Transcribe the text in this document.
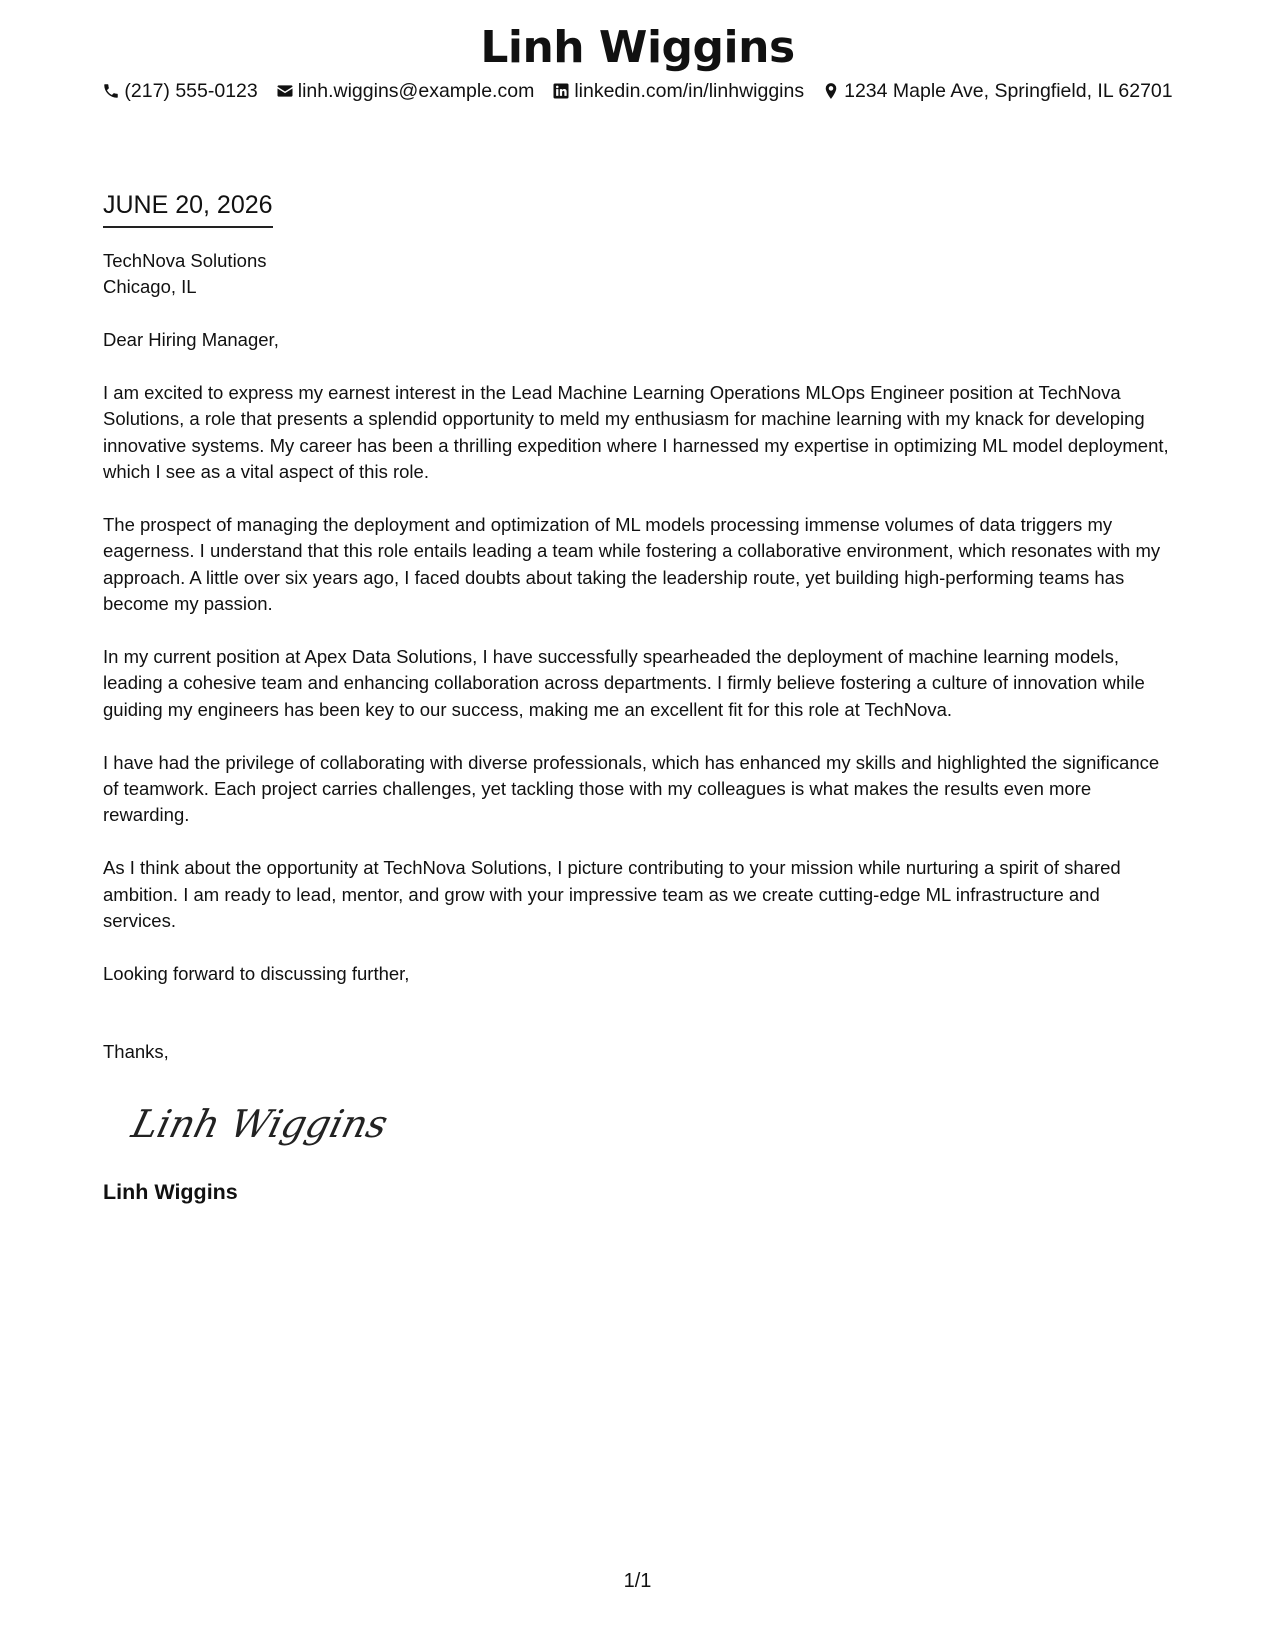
Linh Wiggins
(217) 555-0123 linh.wiggins@example.com linkedin.com/in/linhwiggins 1234 Maple Ave, Springfield, IL 62701
JUNE 20, 2026

TechNova Solutions

Chicago, IL

Dear Hiring Manager,

I am excited to express my earnest interest in the Lead Machine Learning Operations MLOps Engineer position at TechNova Solutions, a role that presents a splendid opportunity to meld my enthusiasm for machine learning with my knack for developing innovative systems. My career has been a thrilling expedition where I harnessed my expertise in optimizing ML model deployment, which I see as a vital aspect of this role.

The prospect of managing the deployment and optimization of ML models processing immense volumes of data triggers my eagerness. I understand that this role entails leading a team while fostering a collaborative environment, which resonates with my approach. A little over six years ago, I faced doubts about taking the leadership route, yet building high-performing teams has become my passion.

In my current position at Apex Data Solutions, I have successfully spearheaded the deployment of machine learning models, leading a cohesive team and enhancing collaboration across departments. I firmly believe fostering a culture of innovation while guiding my engineers has been key to our success, making me an excellent fit for this role at TechNova.

I have had the privilege of collaborating with diverse professionals, which has enhanced my skills and highlighted the significance of teamwork. Each project carries challenges, yet tackling those with my colleagues is what makes the results even more rewarding.

As I think about the opportunity at TechNova Solutions, I picture contributing to your mission while nurturing a spirit of shared ambition. I am ready to lead, mentor, and grow with your impressive team as we create cutting-edge ML infrastructure and services.

Looking forward to discussing further,

Thanks,

Linh Wiggins
Linh Wiggins
1/1
